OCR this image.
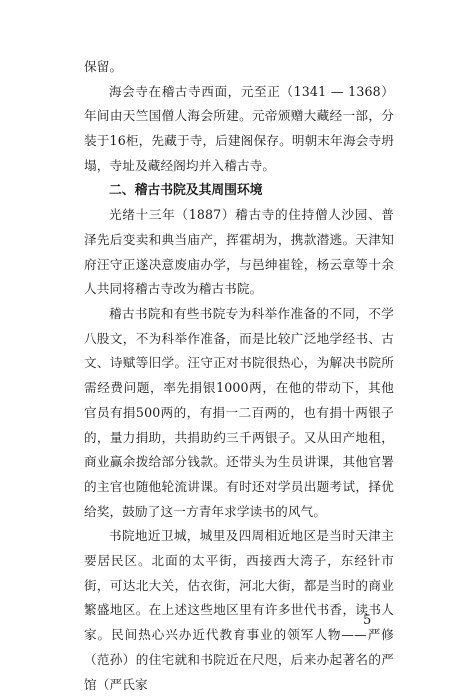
保留。

海会寺在稽古寺西面，元至正（1341 — 1368）年间由天竺国僧人海会所建。元帝颁赠大藏经一部，分装于16柜，先藏于寺，后建阁保存。明朝末年海会寺坍塌，寺址及藏经阁均并入稽古寺。

二、稽古书院及其周围环境

光绪十三年（1887）稽古寺的住持僧人沙园、普泽先后变卖和典当庙产，挥霍胡为，携款潜逃。天津知府汪守正遂决意废庙办学，与邑绅崔铨，杨云章等十余人共同将稽古寺改为稽古书院。

稽古书院和有些书院专为科举作准备的不同，不学八股文，不为科举作准备，而是比较广泛地学经书、古文、诗赋等旧学。汪守正对书院很热心，为解决书院所需经费问题，率先捐银1000两，在他的带动下，其他官员有捐500两的，有捐一二百两的，也有捐十两银子的，量力捐助，共捐助约三千两银子。又从田产地租，商业赢余拨给部分钱款。还带头为生员讲课，其他官署的主官也随他轮流讲课。有时还对学员出题考试，择优给奖，鼓励了这一方青年求学读书的风气。

书院地近卫城，城里及四周相近地区是当时天津主要居民区。北面的太平街，西接西大湾子，东经针市街，可达北大关，估衣街，河北大街，都是当时的商业繁盛地区。在上述这些地区里有许多世代书香，读书人家。民间热心兴办近代教育事业的领军人物——严修（范孙）的住宅就和书院近在尺咫，后来办起著名的严馆（严氏家

5
